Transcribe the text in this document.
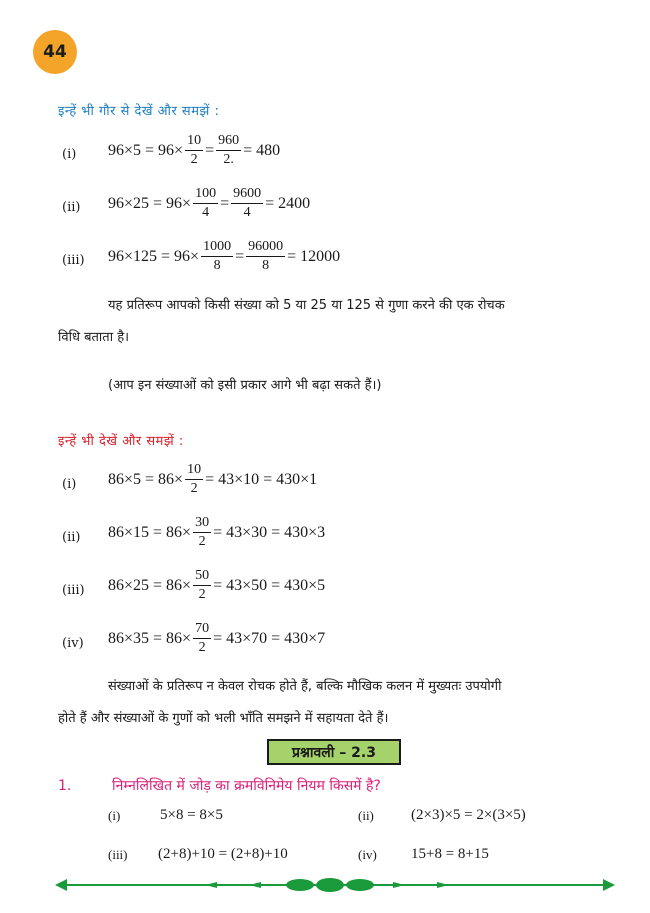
44
इन्हें भी गौर से देखें और समझें :
(i) $96\times 5 = 96\times \frac{10}{2} = \frac{960}{2.} = 480$
(ii) $96\times 25 = 96\times \frac{100}{4} = \frac{9600}{4} = 2400$
(iii) $96\times 125 = 96\times \frac{1000}{8} = \frac{96000}{8} = 12000$
यह प्रतिरूप आपको किसी संख्या को 5 या 25 या 125 से गुणा करने की एक रोचक
विधि बताता है।
(आप इन संख्याओं को इसी प्रकार आगे भी बढ़ा सकते हैं।)
इन्हें भी देखें और समझें :
(i) $86\times 5 = 86\times \frac{10}{2} = 43\times 10 = 430\times 1$
(ii) $86\times 15 = 86\times \frac{30}{2} = 43\times 30 = 430\times 3$
(iii) $86\times 25 = 86\times \frac{50}{2} = 43\times 50 = 430\times 5$
(iv) $86\times 35 = 86\times \frac{70}{2} = 43\times 70 = 430\times 7$
संख्याओं के प्रतिरूप न केवल रोचक होते हैं, बल्कि मौखिक कलन में मुख्यतः उपयोगी
होते हैं और संख्याओं के गुणों को भली भाँति समझने में सहायता देते हैं।
प्रश्नावली – 2.3
1.	निम्नलिखित में जोड़ का क्रमविनिमेय नियम किसमें है?
(i)	5×8 = 8×5	(ii) (2×3)×5 = 2×(3×5)
(iii) (2+8)+10 = (2+8)+10	(iv) 15+8 = 8+15
